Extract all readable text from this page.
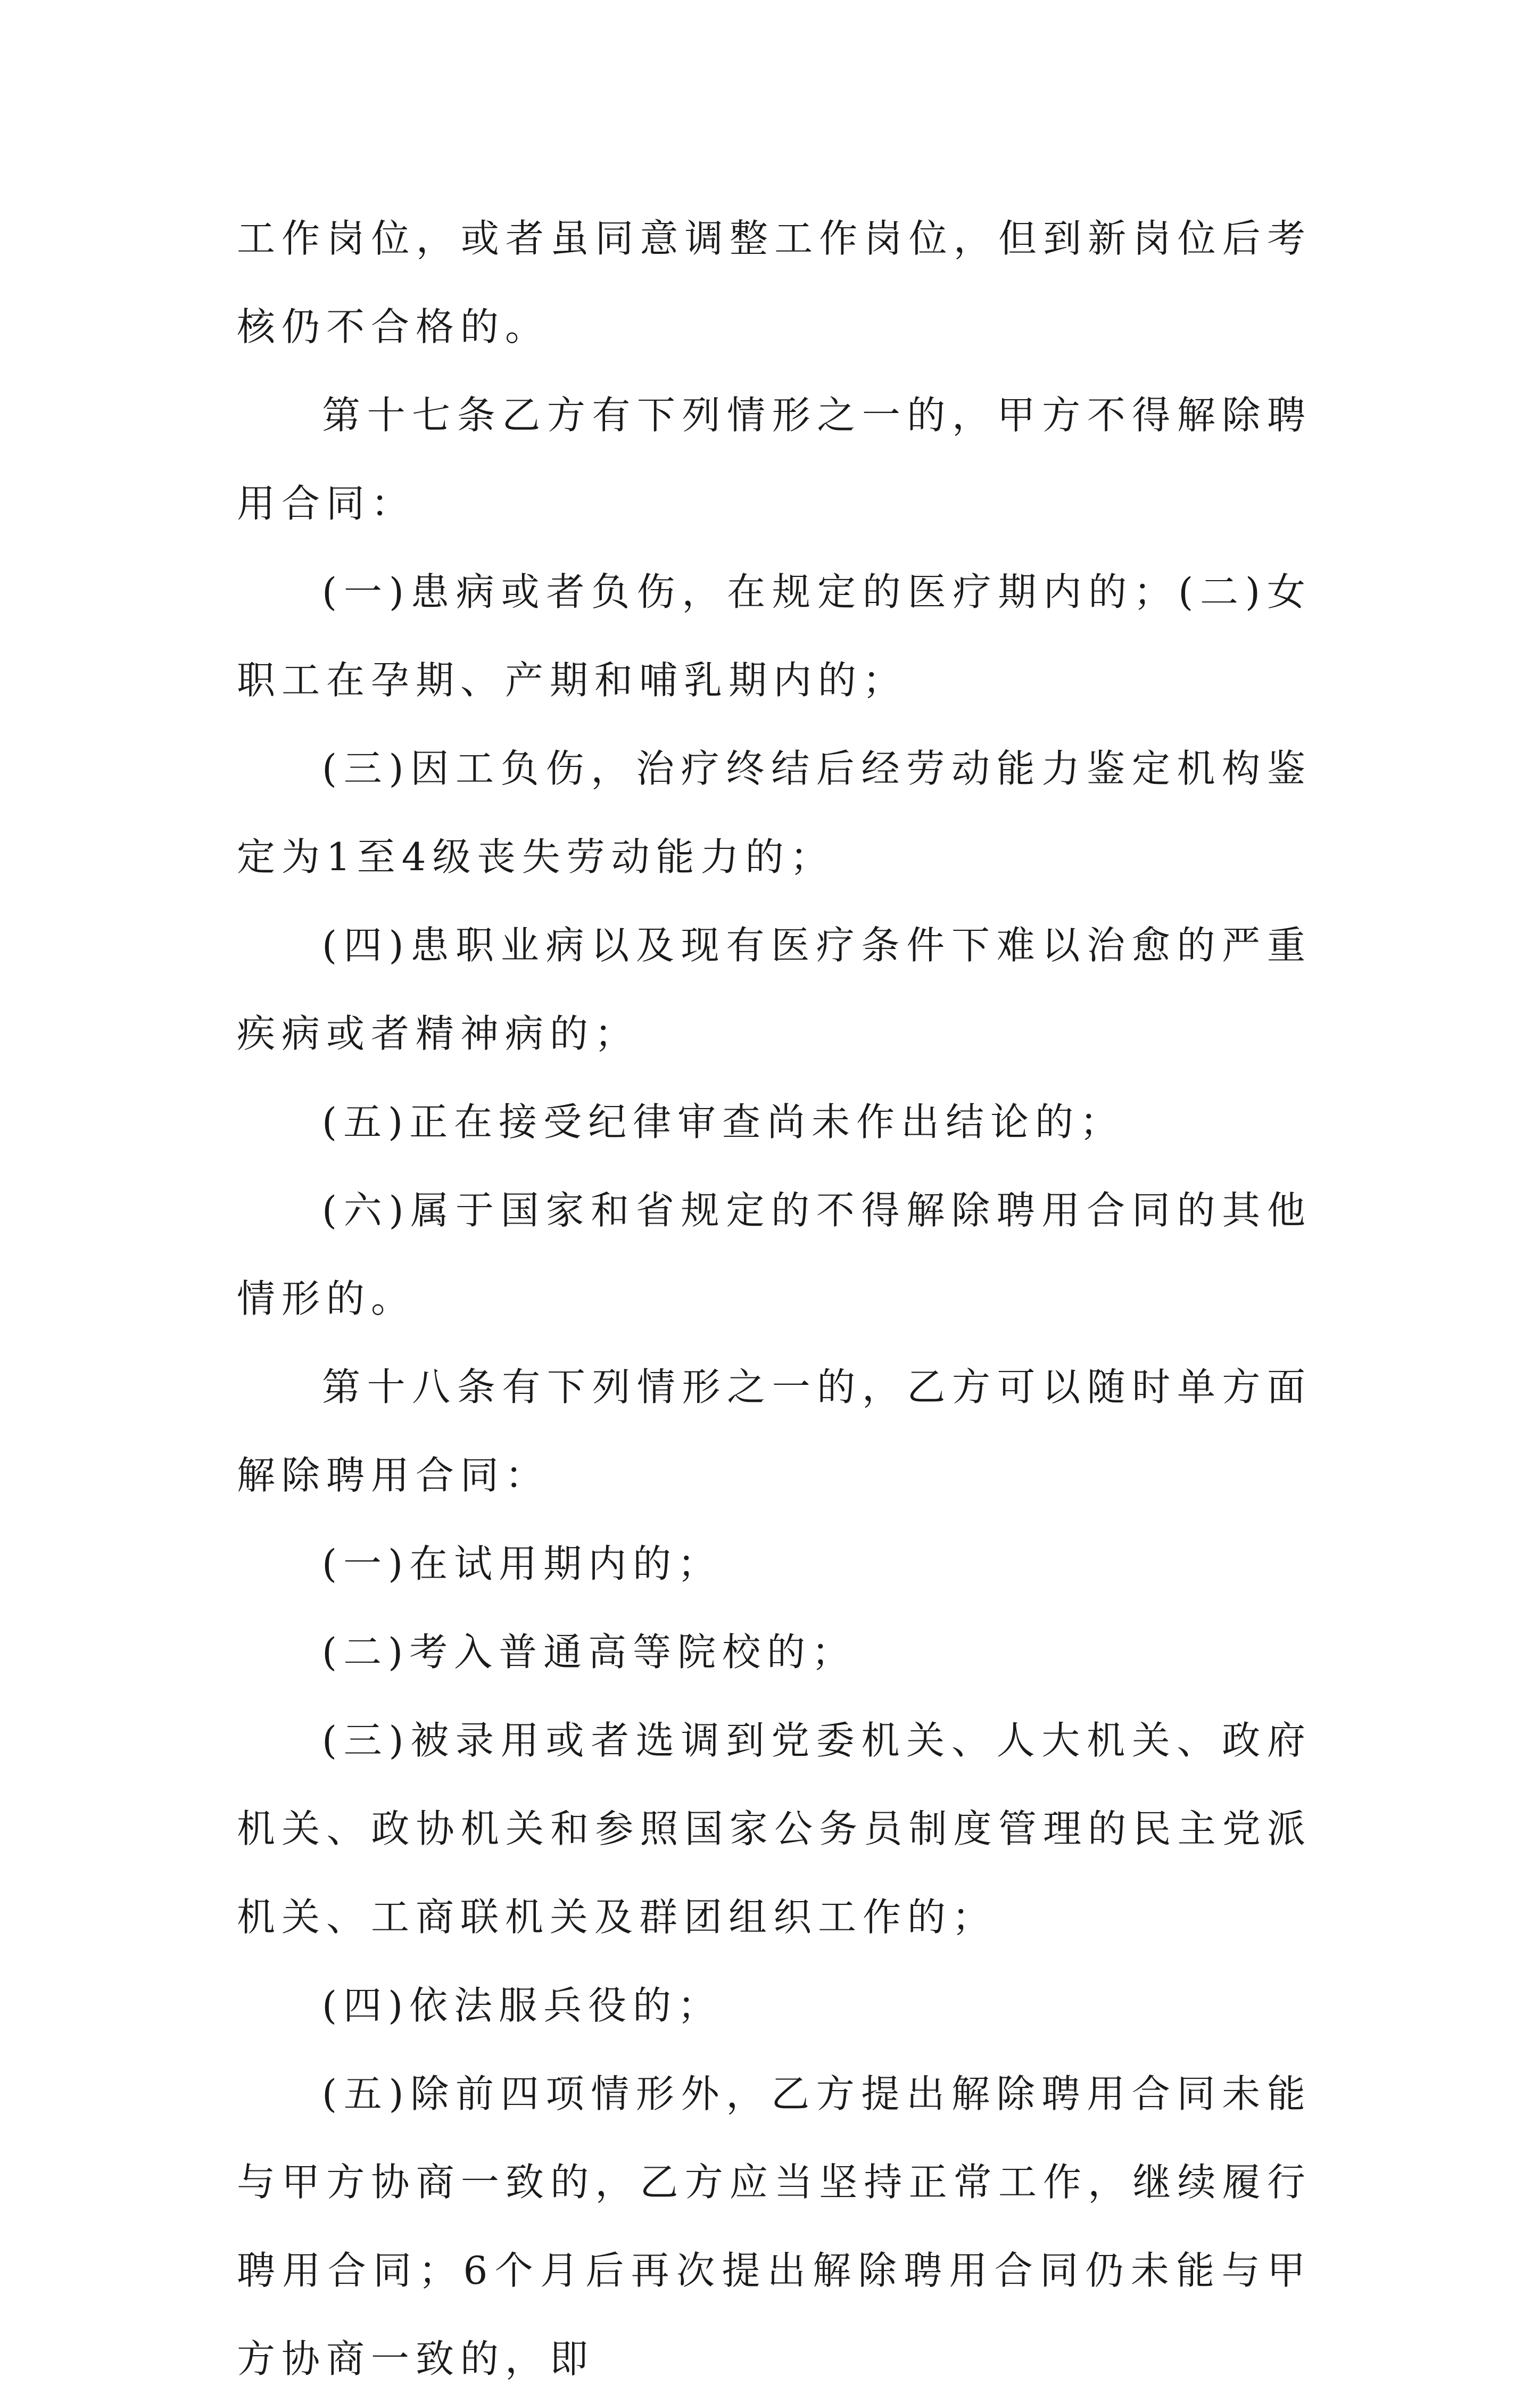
工作岗位，或者虽同意调整工作岗位，但到新岗位后考核仍不合格的。

第十七条乙方有下列情形之一的，甲方不得解除聘用合同：

(一)患病或者负伤，在规定的医疗期内的；(二)女职工在孕期、产期和哺乳期内的；

(三)因工负伤，治疗终结后经劳动能力鉴定机构鉴定为1至4级丧失劳动能力的；

(四)患职业病以及现有医疗条件下难以治愈的严重疾病或者精神病的；

(五)正在接受纪律审查尚未作出结论的；

(六)属于国家和省规定的不得解除聘用合同的其他情形的。

第十八条有下列情形之一的，乙方可以随时单方面解除聘用合同：

(一)在试用期内的；

(二)考入普通高等院校的；

(三)被录用或者选调到党委机关、人大机关、政府机关、政协机关和参照国家公务员制度管理的民主党派机关、工商联机关及群团组织工作的；

(四)依法服兵役的；

(五)除前四项情形外，乙方提出解除聘用合同未能与甲方协商一致的，乙方应当坚持正常工作，继续履行聘用合同；6个月后再次提出解除聘用合同仍未能与甲方协商一致的，即
